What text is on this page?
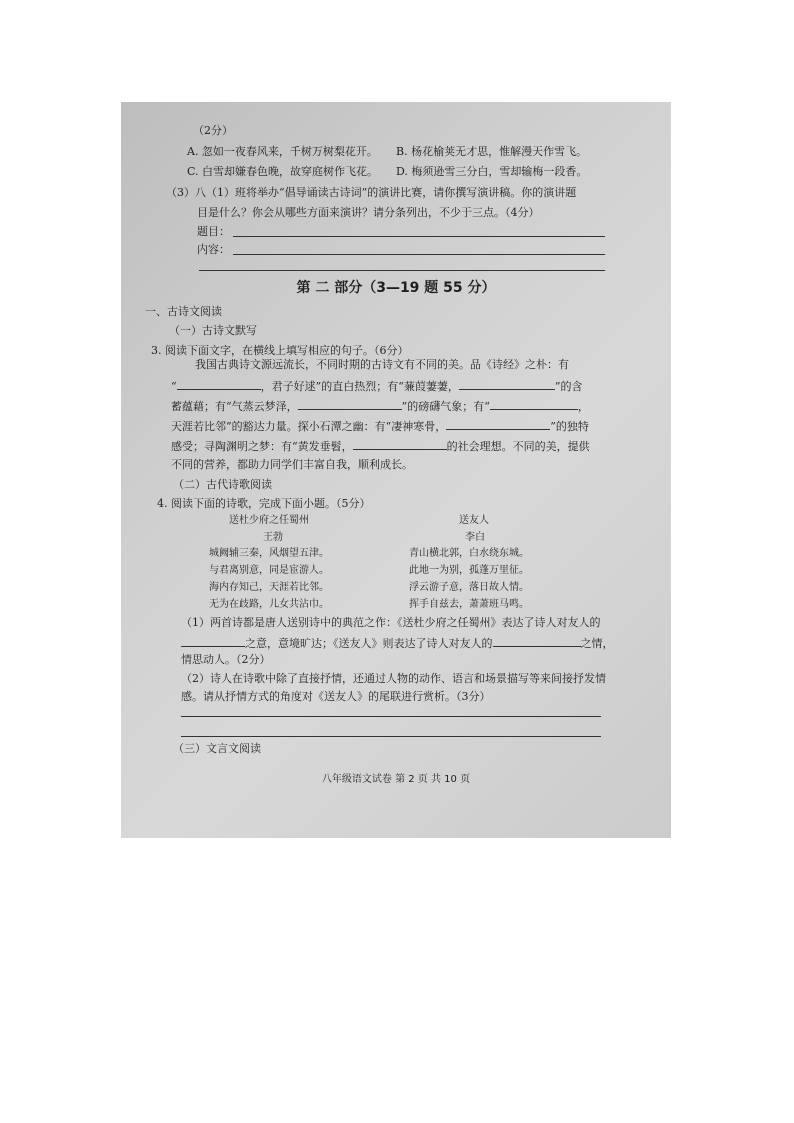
（2分）
A. 忽如一夜春风来，千树万树梨花开。 B. 杨花榆荚无才思，惟解漫天作雪飞。
C. 白雪却嫌春色晚，故穿庭树作飞花。 D. 梅须逊雪三分白，雪却输梅一段香。
（3）八（1）班将举办“倡导诵读古诗词”的演讲比赛，请你撰写演讲稿。你的演讲题
目是什么？你会从哪些方面来演讲？请分条列出，不少于三点。（4分）
题目：
内容：
第 二 部分（3—19 题 55 分）
一、古诗文阅读
（一）古诗文默写
3. 阅读下面文字，在横线上填写相应的句子。（6分）
我国古典诗文源远流长，不同时期的古诗文有不同的美。品《诗经》之朴：有
“	，君子好逑”的直白热烈；有“蒹葭萋萋，	”的含
蓄蕴藉；有“气蒸云梦泽，	”的磅礴气象；有“	，
天涯若比邻”的豁达力量。探小石潭之幽：有“凄神寒骨，	”的独特
感受；寻陶渊明之梦：有“黄发垂髫，	的社会理想。不同的美，提供
不同的营养，都助力同学们丰富自我，顺利成长。
（二）古代诗歌阅读
4. 阅读下面的诗歌，完成下面小题。（5分）
送杜少府之任蜀州
王勃
城阙辅三秦，风烟望五津。
与君离别意，同是宦游人。
海内存知己，天涯若比邻。
无为在歧路，儿女共沾巾。
送友人
李白
青山横北郭，白水绕东城。
此地一为别，孤蓬万里征。
浮云游子意，落日故人情。
挥手自兹去，萧萧班马鸣。
（1）两首诗都是唐人送别诗中的典范之作：《送杜少府之任蜀州》表达了诗人对友人的
之意，意境旷达；《送友人》则表达了诗人对友人的	之情，
情思动人。（2分）
（2）诗人在诗歌中除了直接抒情，还通过人物的动作、语言和场景描写等来间接抒发情
感。请从抒情方式的角度对《送友人》的尾联进行赏析。（3分）
（三）文言文阅读
八年级语文试卷 第 2 页 共 10 页
